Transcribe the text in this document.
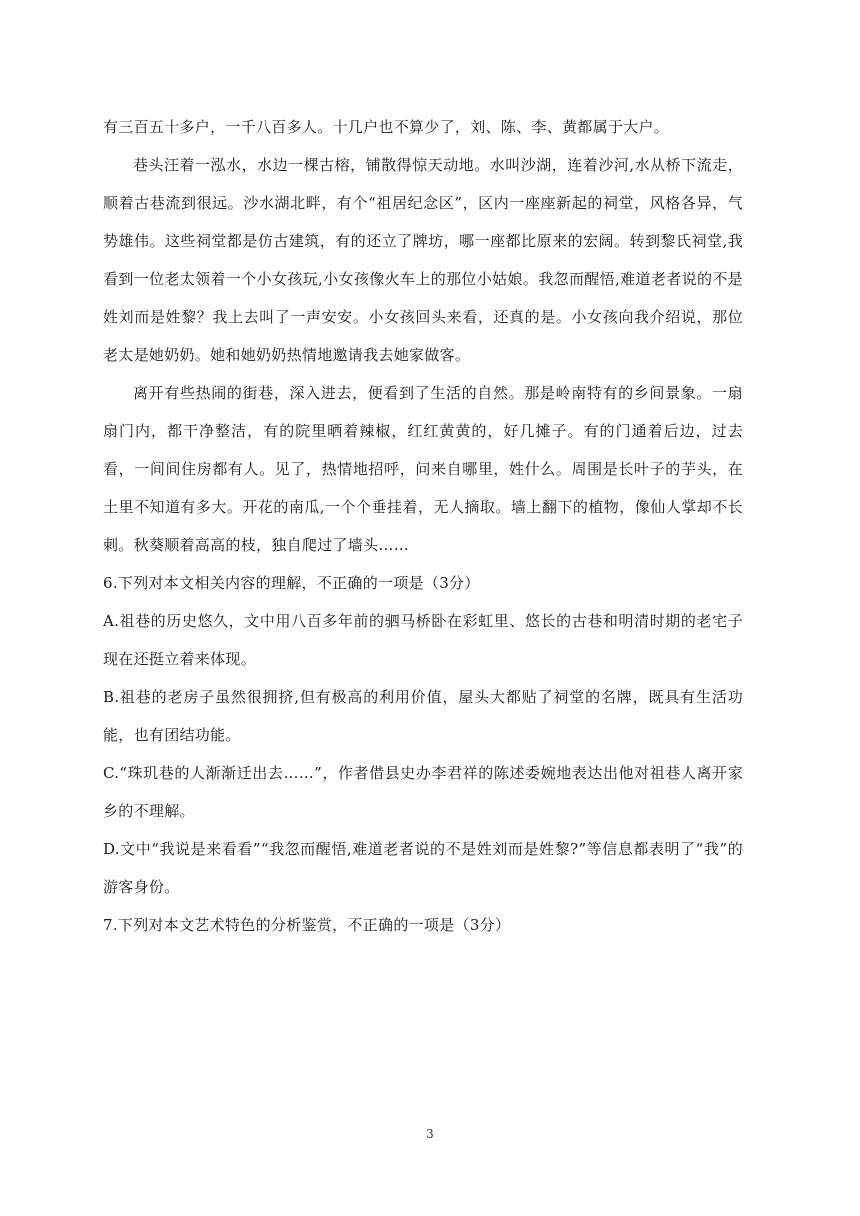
有三百五十多户，一千八百多人。十几户也不算少了，刘、陈、李、黄都属于大户。

巷头汪着一泓水，水边一棵古榕，铺散得惊天动地。水叫沙湖，连着沙河,水从桥下流走，顺着古巷流到很远。沙水湖北畔，有个“祖居纪念区”，区内一座座新起的祠堂，风格各异，气势雄伟。这些祠堂都是仿古建筑，有的还立了牌坊，哪一座都比原来的宏阔。转到黎氏祠堂,我看到一位老太领着一个小女孩玩,小女孩像火车上的那位小姑娘。我忽而醒悟,难道老者说的不是姓刘而是姓黎？我上去叫了一声安安。小女孩回头来看，还真的是。小女孩向我介绍说，那位老太是她奶奶。她和她奶奶热情地邀请我去她家做客。

离开有些热闹的街巷，深入进去，便看到了生活的自然。那是岭南特有的乡间景象。一扇扇门内，都干净整洁，有的院里晒着辣椒，红红黄黄的，好几摊子。有的门通着后边，过去看，一间间住房都有人。见了，热情地招呼，问来自哪里，姓什么。周围是长叶子的芋头，在土里不知道有多大。开花的南瓜,一个个垂挂着，无人摘取。墙上翻下的植物，像仙人掌却不长刺。秋葵顺着高高的枝，独自爬过了墙头……

6.下列对本文相关内容的理解，不正确的一项是（3分）

A.祖巷的历史悠久，文中用八百多年前的驷马桥卧在彩虹里、悠长的古巷和明清时期的老宅子现在还挺立着来体现。

B.祖巷的老房子虽然很拥挤,但有极高的利用价值，屋头大都贴了祠堂的名牌，既具有生活功能，也有团结功能。

C.“珠玑巷的人渐渐迁出去……”，作者借县史办李君祥的陈述委婉地表达出他对祖巷人离开家乡的不理解。

D.文中“我说是来看看”“我忽而醒悟,难道老者说的不是姓刘而是姓黎?”等信息都表明了“我”的游客身份。

7.下列对本文艺术特色的分析鉴赏，不正确的一项是（3分）

3
